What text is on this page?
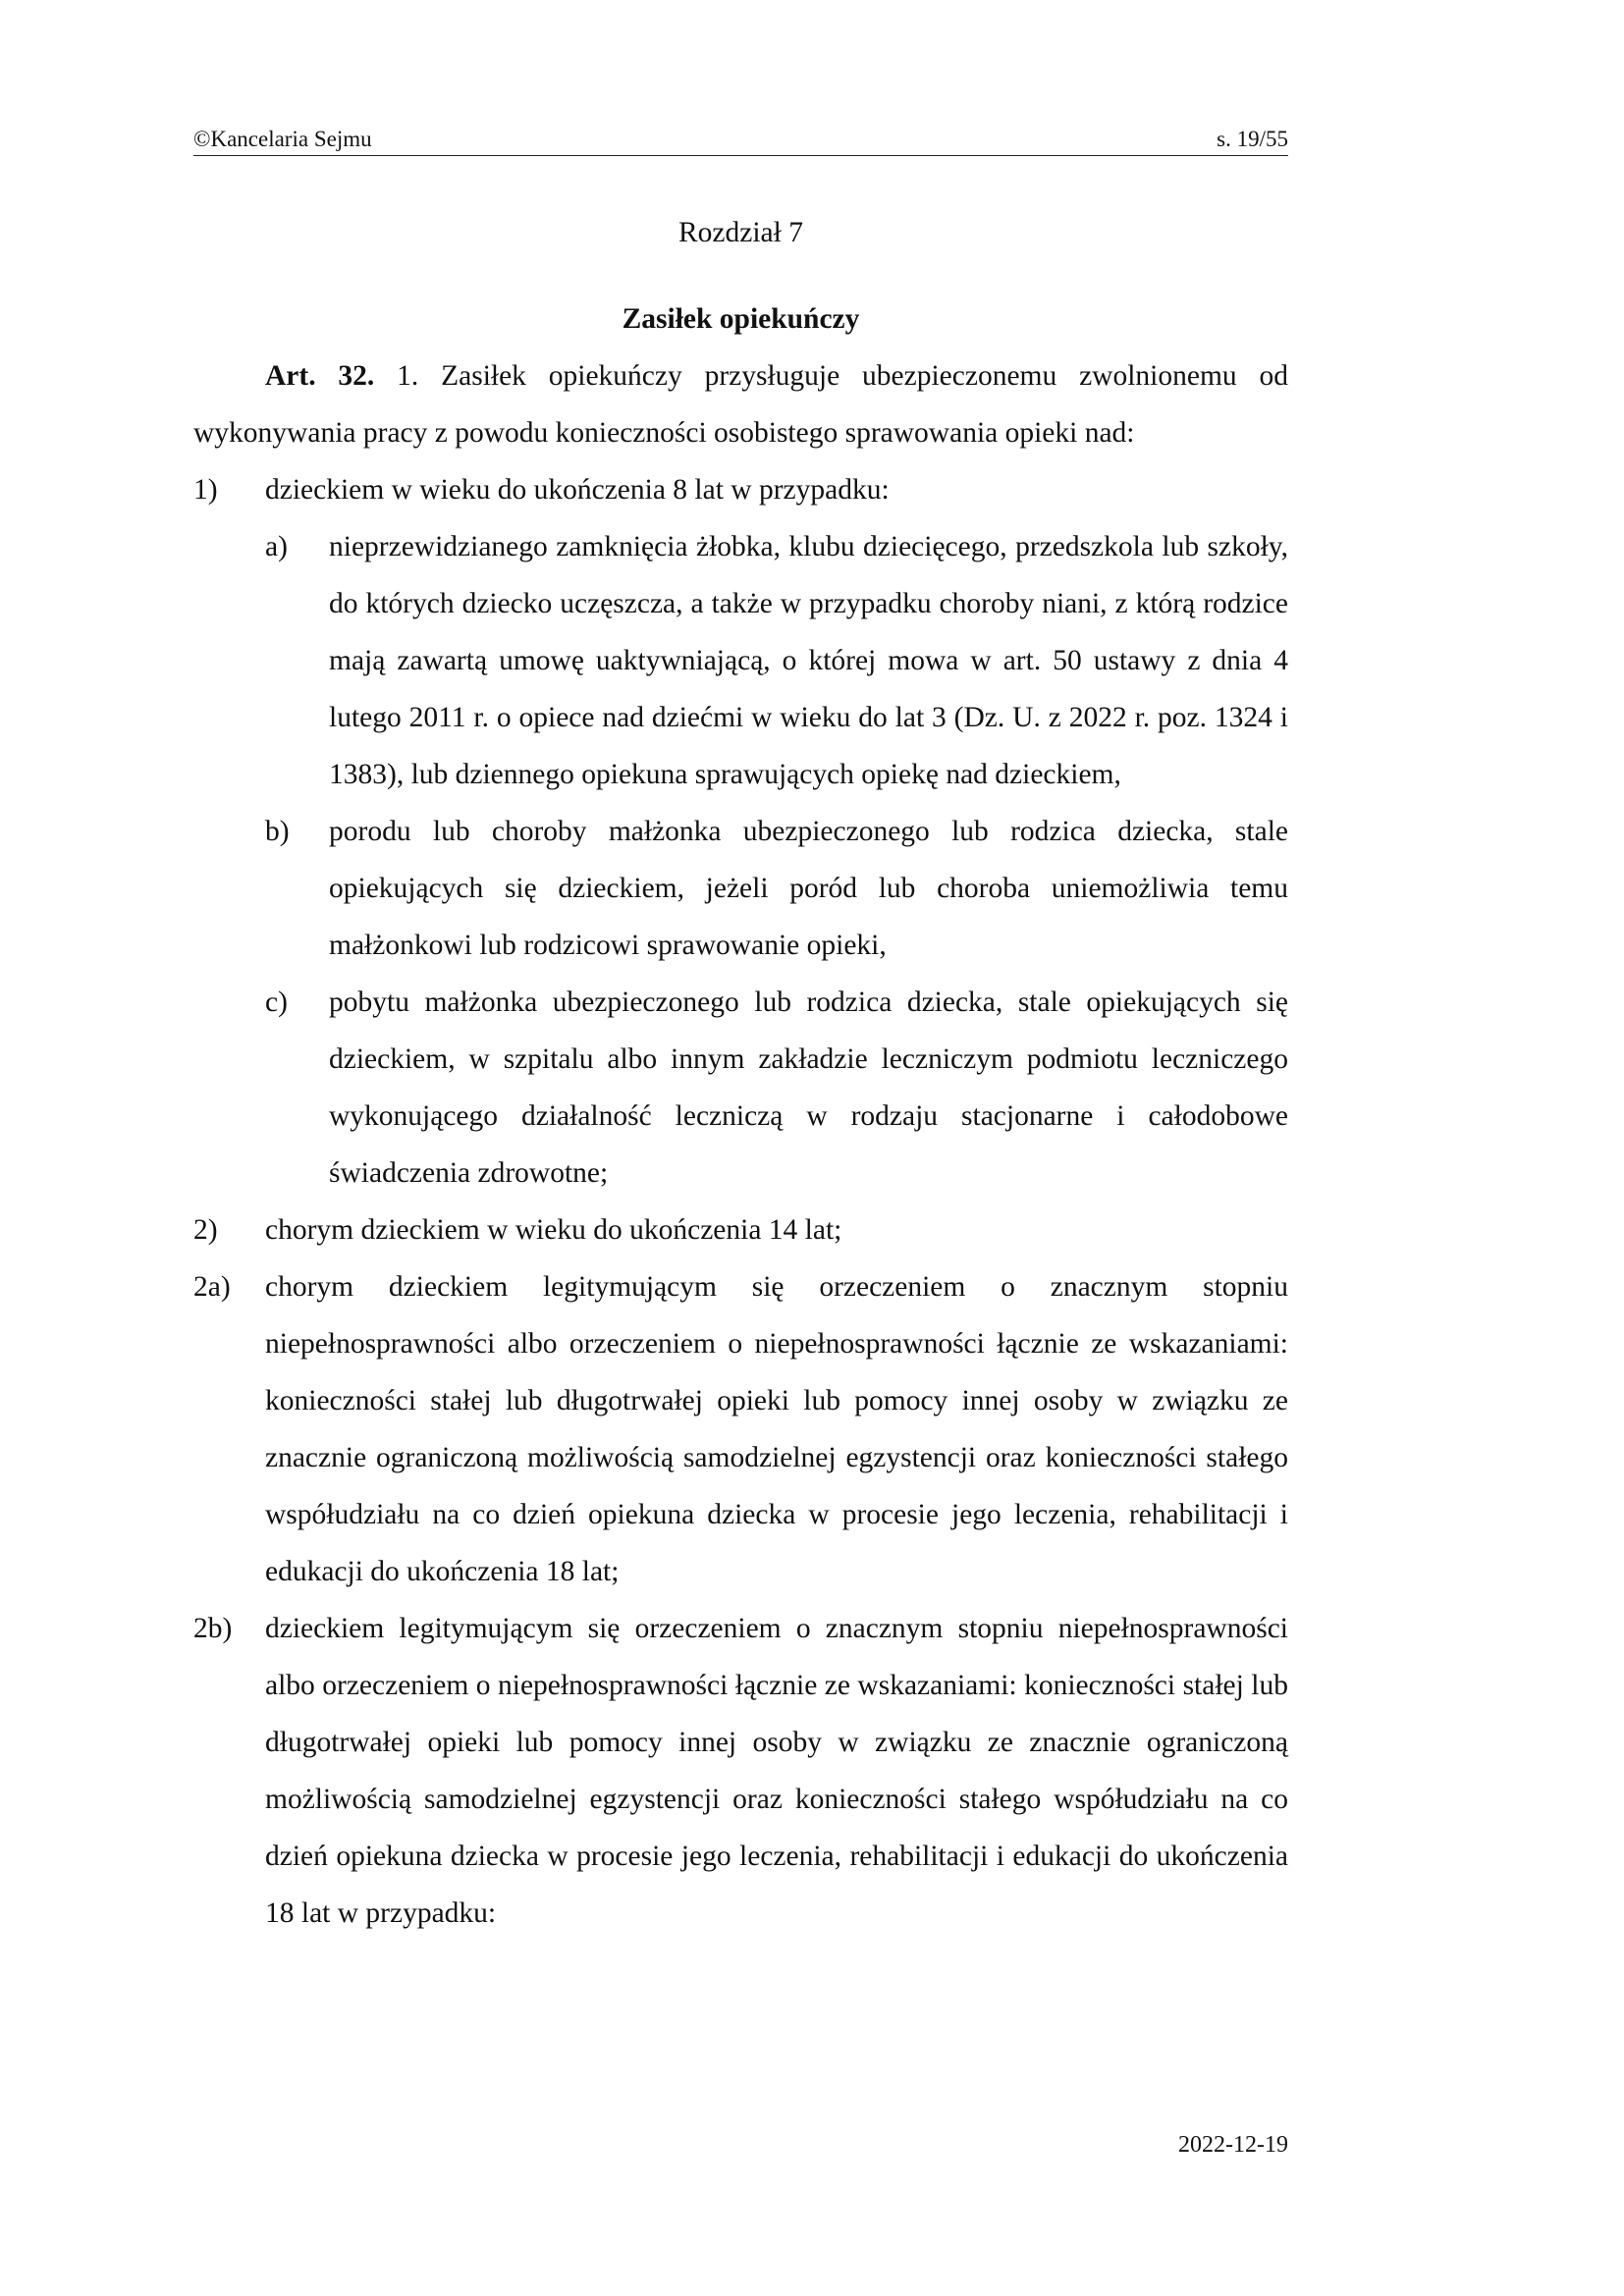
©Kancelaria Sejmu	s. 19/55

Rozdział 7

Zasiłek opiekuńczy

Art. 32. 1. Zasiłek opiekuńczy przysługuje ubezpieczonemu zwolnionemu od wykonywania pracy z powodu konieczności osobistego sprawowania opieki nad:

1) dzieckiem w wieku do ukończenia 8 lat w przypadku:
a) nieprzewidzianego zamknięcia żłobka, klubu dziecięcego, przedszkola lub szkoły, do których dziecko uczęszcza, a także w przypadku choroby niani, z którą rodzice mają zawartą umowę uaktywniającą, o której mowa w art. 50 ustawy z dnia 4 lutego 2011 r. o opiece nad dziećmi w wieku do lat 3 (Dz. U. z 2022 r. poz. 1324 i 1383), lub dziennego opiekuna sprawujących opiekę nad dzieckiem,
b) porodu lub choroby małżonka ubezpieczonego lub rodzica dziecka, stale opiekujących się dzieckiem, jeżeli poród lub choroba uniemożliwia temu małżonkowi lub rodzicowi sprawowanie opieki,
c) pobytu małżonka ubezpieczonego lub rodzica dziecka, stale opiekujących się dzieckiem, w szpitalu albo innym zakładzie leczniczym podmiotu leczniczego wykonującego działalność leczniczą w rodzaju stacjonarne i całodobowe świadczenia zdrowotne;
2) chorym dzieckiem w wieku do ukończenia 14 lat;
2a) chorym dzieckiem legitymującym się orzeczeniem o znacznym stopniu niepełnosprawności albo orzeczeniem o niepełnosprawności łącznie ze wskazaniami: konieczności stałej lub długotrwałej opieki lub pomocy innej osoby w związku ze znacznie ograniczoną możliwością samodzielnej egzystencji oraz konieczności stałego współudziału na co dzień opiekuna dziecka w procesie jego leczenia, rehabilitacji i edukacji do ukończenia 18 lat;
2b) dzieckiem legitymującym się orzeczeniem o znacznym stopniu niepełnosprawności albo orzeczeniem o niepełnosprawności łącznie ze wskazaniami: konieczności stałej lub długotrwałej opieki lub pomocy innej osoby w związku ze znacznie ograniczoną możliwością samodzielnej egzystencji oraz konieczności stałego współudziału na co dzień opiekuna dziecka w procesie jego leczenia, rehabilitacji i edukacji do ukończenia 18 lat w przypadku:
2022-12-19
